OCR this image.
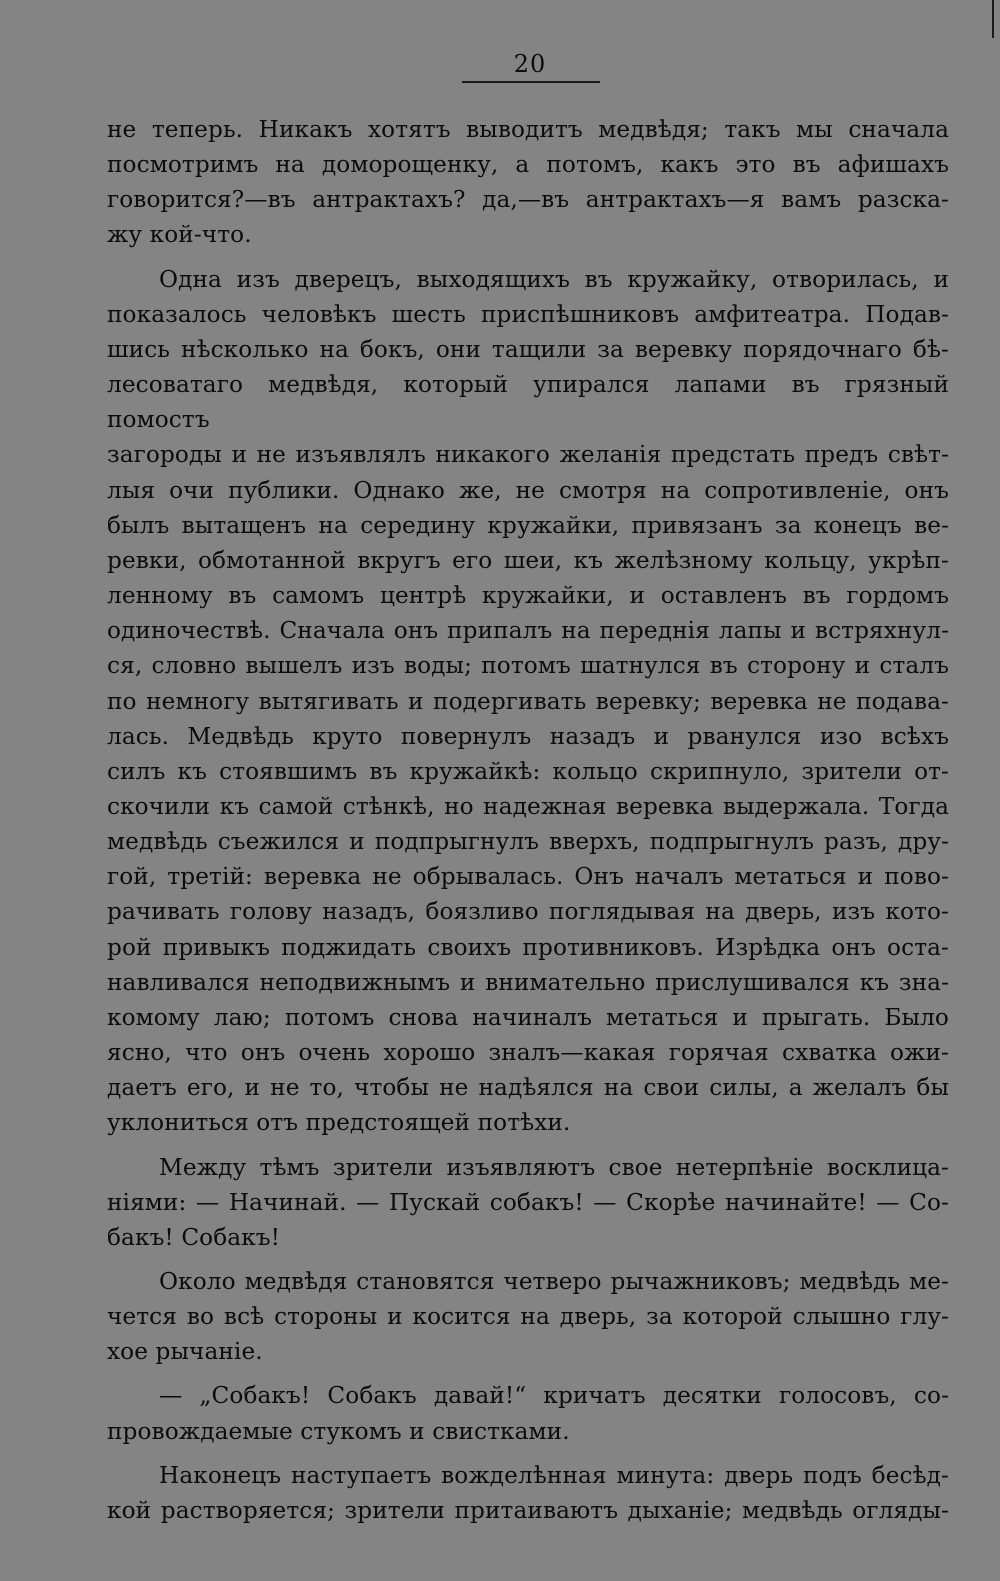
20
не теперь. Никакъ хотятъ выводитъ медвѣдя; такъ мы сначала
посмотримъ на доморощенку, а потомъ, какъ это въ афишахъ
говорится?—въ антрактахъ? да,—въ антрактахъ—я вамъ разска-
жу кой-что.
Одна изъ дверецъ, выходящихъ въ кружайку, отворилась, и
показалось человѣкъ шесть приспѣшниковъ амфитеатра. Подав-
шись нѣсколько на бокъ, они тащили за веревку порядочнаго бѣ-
лесоватаго медвѣдя, который упирался лапами въ грязный помостъ
загороды и не изъявлялъ никакого желанія предстать предъ свѣт-
лыя очи публики. Однако же, не смотря на сопротивленіе, онъ
былъ вытащенъ на середину кружайки, привязанъ за конецъ ве-
ревки, обмотанной вкругъ его шеи, къ желѣзному кольцу, укрѣп-
ленному въ самомъ центрѣ кружайки, и оставленъ въ гордомъ
одиночествѣ. Сначала онъ припалъ на переднія лапы и встряхнул-
ся, словно вышелъ изъ воды; потомъ шатнулся въ сторону и сталъ
по немногу вытягивать и подергивать веревку; веревка не подава-
лась. Медвѣдь круто повернулъ назадъ и рванулся изо всѣхъ
силъ къ стоявшимъ въ кружайкѣ: кольцо скрипнуло, зрители от-
скочили къ самой стѣнкѣ, но надежная веревка выдержала. Тогда
медвѣдь съежился и подпрыгнулъ вверхъ, подпрыгнулъ разъ, дру-
гой, третій: веревка не обрывалась. Онъ началъ метаться и пово-
рачивать голову назадъ, боязливо поглядывая на дверь, изъ кото-
рой привыкъ поджидать своихъ противниковъ. Изрѣдка онъ оста-
навливался неподвижнымъ и внимательно прислушивался къ зна-
комому лаю; потомъ снова начиналъ метаться и прыгать. Было
ясно, что онъ очень хорошо зналъ—какая горячая схватка ожи-
даетъ его, и не то, чтобы не надѣялся на свои силы, а желалъ бы
уклониться отъ предстоящей потѣхи.
Между тѣмъ зрители изъявляютъ свое нетерпѣніе восклица-
ніями: — Начинай. — Пускай собакъ! — Скорѣе начинайте! — Со-
бакъ! Собакъ!
Около медвѣдя становятся четверо рычажниковъ; медвѣдь ме-
чется во всѣ стороны и косится на дверь, за которой слышно глу-
хое рычаніе.
— „Собакъ! Собакъ давай!“ кричатъ десятки голосовъ, со-
провождаемые стукомъ и свистками.
Наконецъ наступаетъ вожделѣнная минута: дверь подъ бесѣд-
кой растворяется; зрители притаиваютъ дыханіе; медвѣдь огляды-
